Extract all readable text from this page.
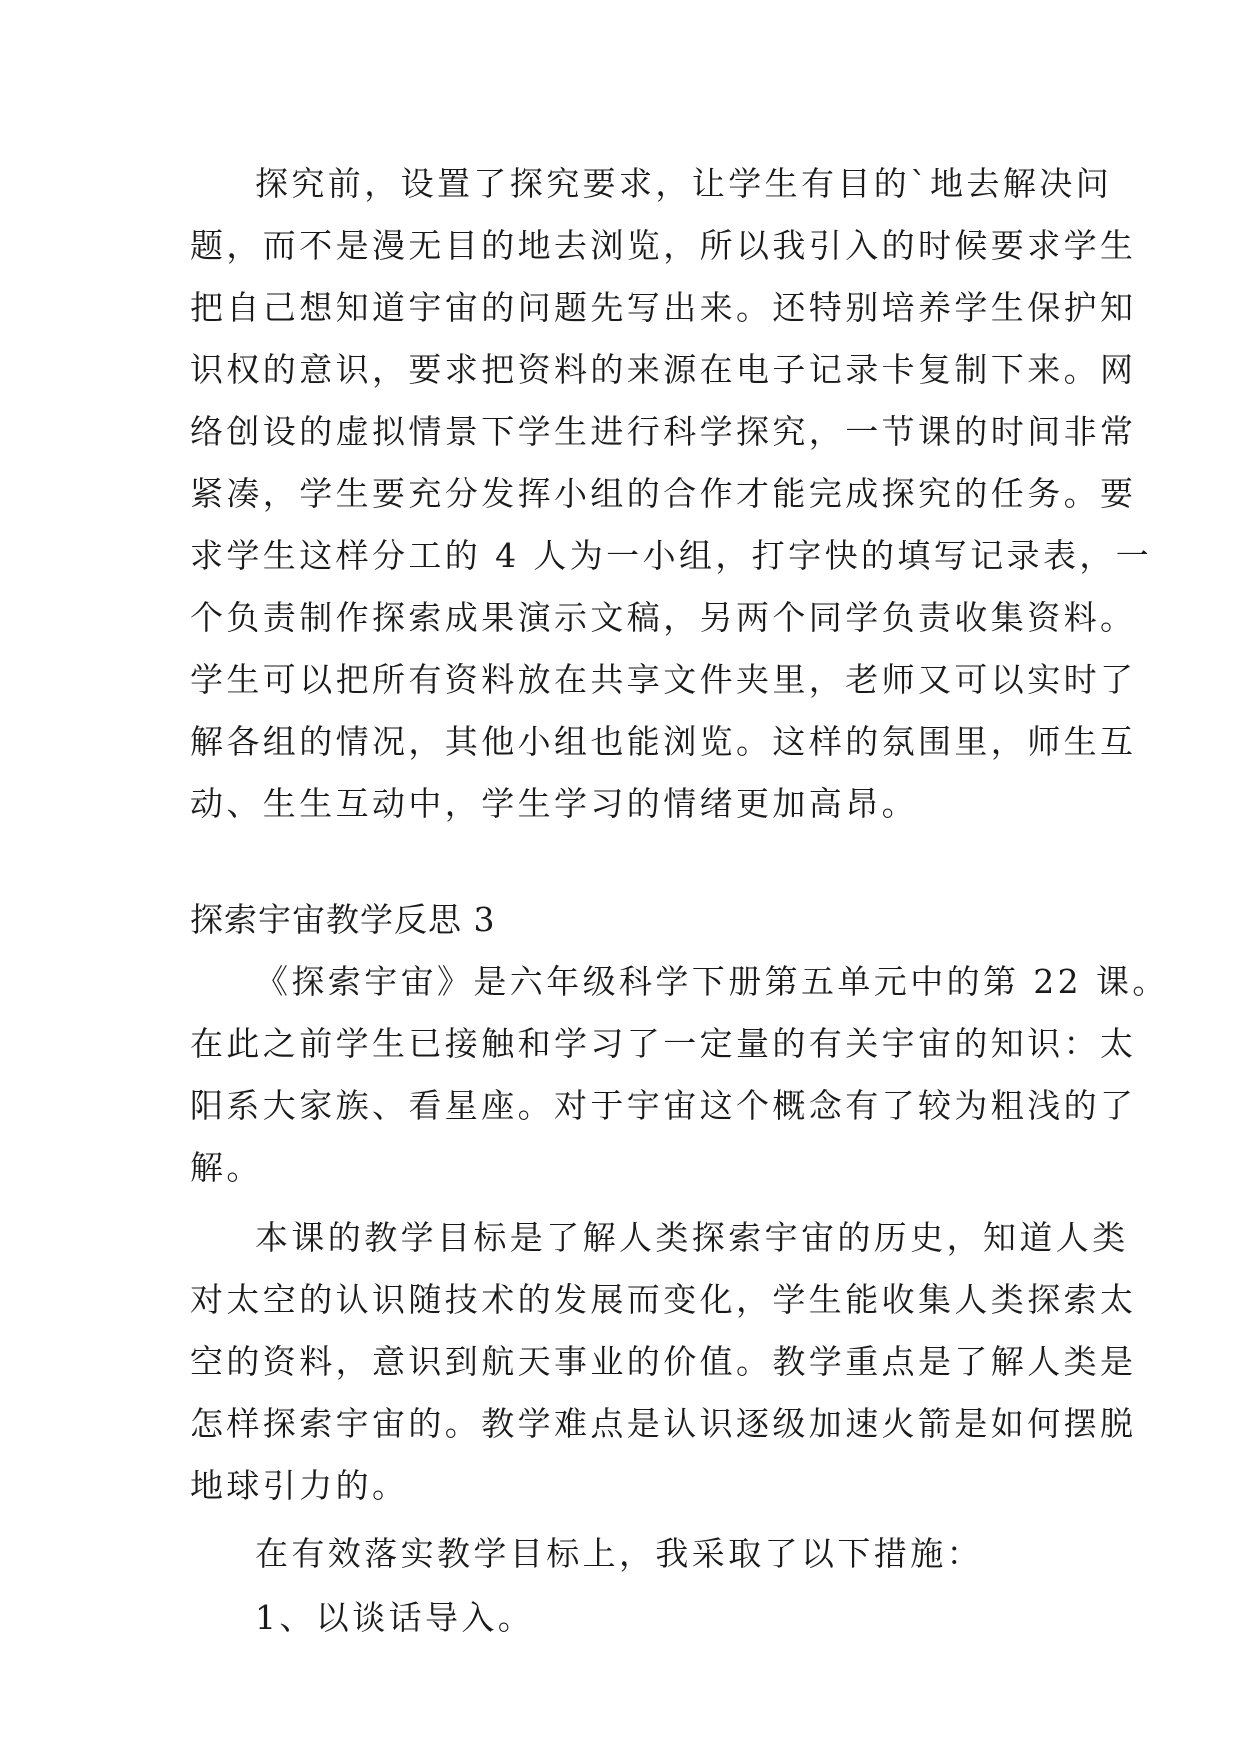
探究前，设置了探究要求，让学生有目的`地去解决问
题，而不是漫无目的地去浏览，所以我引入的时候要求学生
把自己想知道宇宙的问题先写出来。还特别培养学生保护知
识权的意识，要求把资料的来源在电子记录卡复制下来。网
络创设的虚拟情景下学生进行科学探究，一节课的时间非常
紧凑，学生要充分发挥小组的合作才能完成探究的任务。要
求学生这样分工的 4 人为一小组，打字快的填写记录表，一
个负责制作探索成果演示文稿，另两个同学负责收集资料。
学生可以把所有资料放在共享文件夹里，老师又可以实时了
解各组的情况，其他小组也能浏览。这样的氛围里，师生互
动、生生互动中，学生学习的情绪更加高昂。
探索宇宙教学反思 3
《探索宇宙》是六年级科学下册第五单元中的第 22 课。
在此之前学生已接触和学习了一定量的有关宇宙的知识：太
阳系大家族、看星座。对于宇宙这个概念有了较为粗浅的了
解。
本课的教学目标是了解人类探索宇宙的历史，知道人类
对太空的认识随技术的发展而变化，学生能收集人类探索太
空的资料，意识到航天事业的价值。教学重点是了解人类是
怎样探索宇宙的。教学难点是认识逐级加速火箭是如何摆脱
地球引力的。
在有效落实教学目标上，我采取了以下措施：
1、以谈话导入。
